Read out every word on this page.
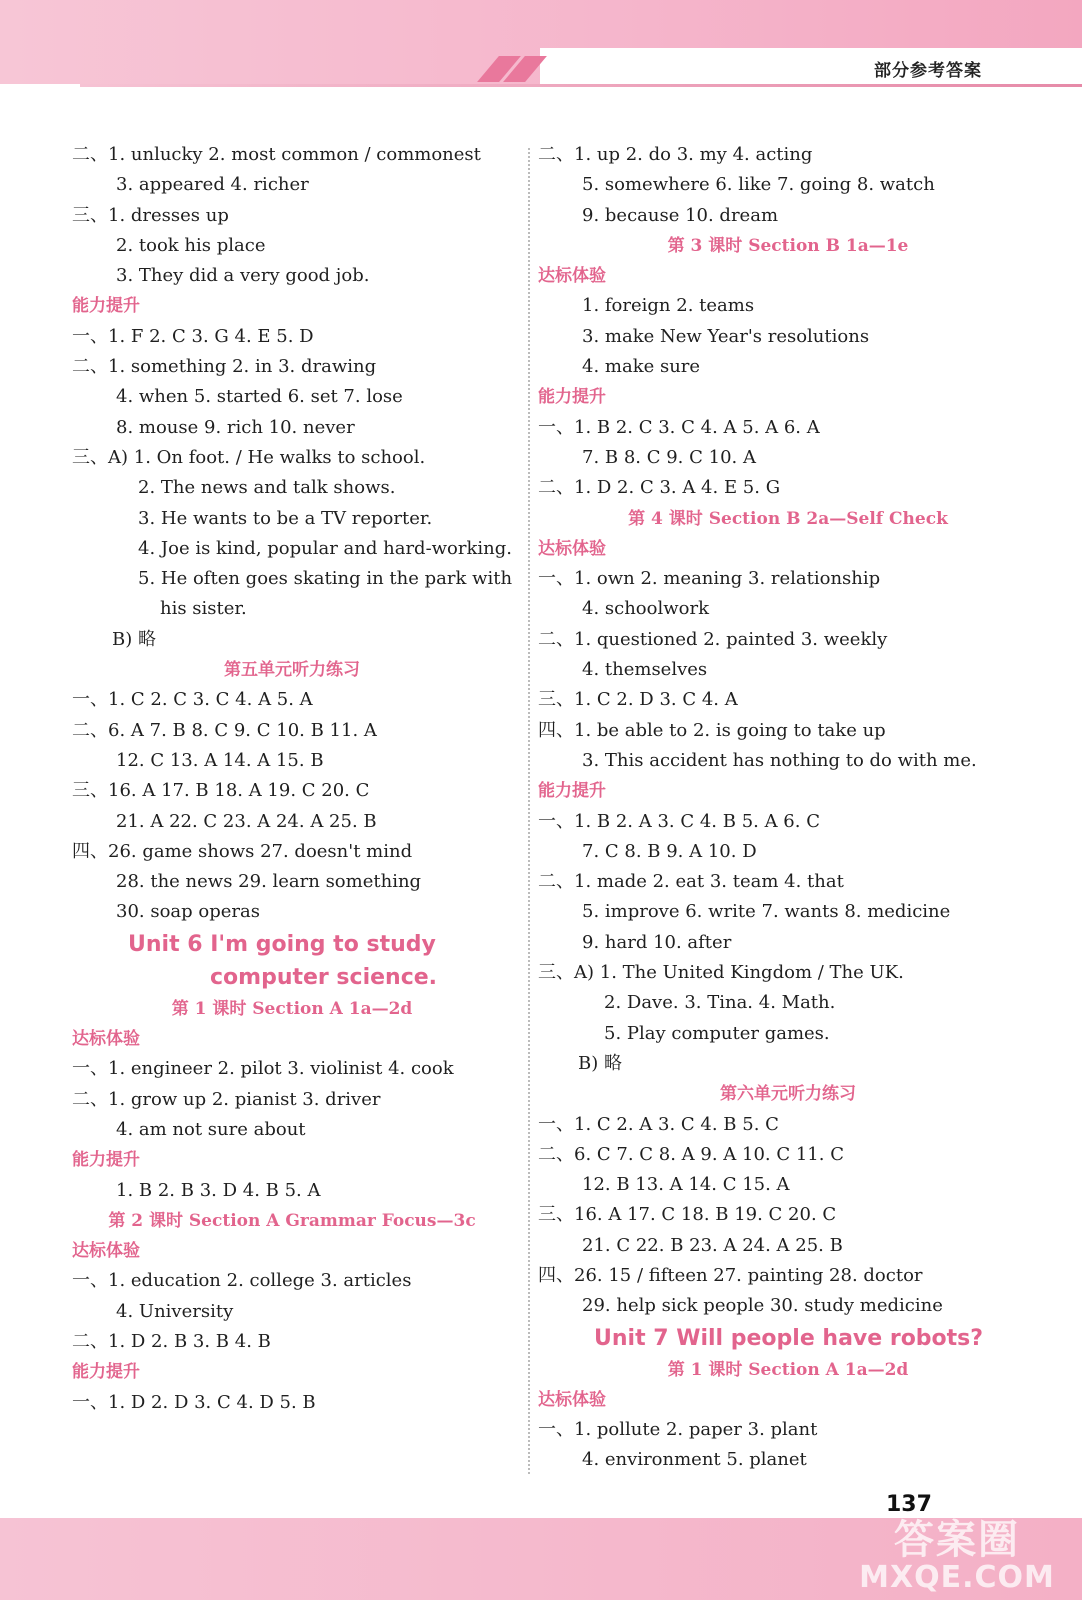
部分参考答案
二、1. unlucky 2. most common / commonest
3. appeared 4. richer
三、1. dresses up
2. took his place
3. They did a very good job.
能力提升
一、1. F 2. C 3. G 4. E 5. D
二、1. something 2. in 3. drawing
4. when 5. started 6. set 7. lose
8. mouse 9. rich 10. never
三、A) 1. On foot. / He walks to school.
2. The news and talk shows.
3. He wants to be a TV reporter.
4. Joe is kind, popular and hard-working.
5. He often goes skating in the park with
his sister.
B) 略
第五单元听力练习
一、1. C 2. C 3. C 4. A 5. A
二、6. A 7. B 8. C 9. C 10. B 11. A
12. C 13. A 14. A 15. B
三、16. A 17. B 18. A 19. C 20. C
21. A 22. C 23. A 24. A 25. B
四、26. game shows 27. doesn't mind
28. the news 29. learn something
30. soap operas
Unit 6 I'm going to study
computer science.
第 1 课时 Section A 1a—2d
达标体验
一、1. engineer 2. pilot 3. violinist 4. cook
二、1. grow up 2. pianist 3. driver
4. am not sure about
能力提升
1. B 2. B 3. D 4. B 5. A
第 2 课时 Section A Grammar Focus—3c
达标体验
一、1. education 2. college 3. articles
4. University
二、1. D 2. B 3. B 4. B
能力提升
一、1. D 2. D 3. C 4. D 5. B
二、1. up 2. do 3. my 4. acting
5. somewhere 6. like 7. going 8. watch
9. because 10. dream
第 3 课时 Section B 1a—1e
达标体验
1. foreign 2. teams
3. make New Year's resolutions
4. make sure
能力提升
一、1. B 2. C 3. C 4. A 5. A 6. A
7. B 8. C 9. C 10. A
二、1. D 2. C 3. A 4. E 5. G
第 4 课时 Section B 2a—Self Check
达标体验
一、1. own 2. meaning 3. relationship
4. schoolwork
二、1. questioned 2. painted 3. weekly
4. themselves
三、1. C 2. D 3. C 4. A
四、1. be able to 2. is going to take up
3. This accident has nothing to do with me.
能力提升
一、1. B 2. A 3. C 4. B 5. A 6. C
7. C 8. B 9. A 10. D
二、1. made 2. eat 3. team 4. that
5. improve 6. write 7. wants 8. medicine
9. hard 10. after
三、A) 1. The United Kingdom / The UK.
2. Dave. 3. Tina. 4. Math.
5. Play computer games.
B) 略
第六单元听力练习
一、1. C 2. A 3. C 4. B 5. C
二、6. C 7. C 8. A 9. A 10. C 11. C
12. B 13. A 14. C 15. A
三、16. A 17. C 18. B 19. C 20. C
21. C 22. B 23. A 24. A 25. B
四、26. 15 / fifteen 27. painting 28. doctor
29. help sick people 30. study medicine
Unit 7 Will people have robots?
第 1 课时 Section A 1a—2d
达标体验
一、1. pollute 2. paper 3. plant
4. environment 5. planet
137
答案圈
MXQE.COM
